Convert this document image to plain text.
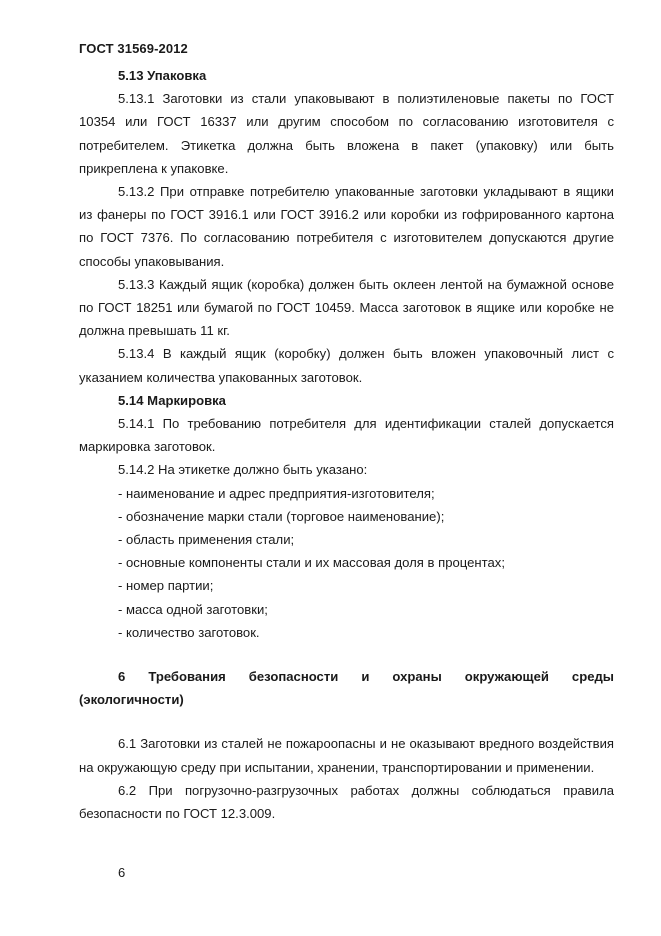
ГОСТ 31569-2012

5.13 Упаковка

5.13.1 Заготовки из стали упаковывают в полиэтиленовые пакеты по ГОСТ 10354 или ГОСТ 16337 или другим способом по согласованию изготовителя с потребителем. Этикетка должна быть вложена в пакет (упаковку) или быть прикреплена к упаковке.

5.13.2 При отправке потребителю упакованные заготовки укладывают в ящики из фанеры по ГОСТ 3916.1 или ГОСТ 3916.2 или коробки из гофрированного картона по ГОСТ 7376. По согласованию потребителя с изготовителем допускаются другие способы упаковывания.

5.13.3 Каждый ящик (коробка) должен быть оклеен лентой на бумажной основе по ГОСТ 18251 или бумагой по ГОСТ 10459. Масса заготовок в ящике или коробке не должна превышать 11 кг.

5.13.4 В каждый ящик (коробку) должен быть вложен упаковочный лист с указанием количества упакованных заготовок.

5.14 Маркировка

5.14.1 По требованию потребителя для идентификации сталей допускается маркировка заготовок.

5.14.2 На этикетке должно быть указано:

- наименование и адрес предприятия-изготовителя;

- обозначение марки стали (торговое наименование);

- область применения стали;

- основные компоненты стали и их массовая доля в процентах;

- номер партии;

- масса одной заготовки;

- количество заготовок.

6 Требования безопасности и охраны окружающей среды

(экологичности)

6.1 Заготовки из сталей не пожароопасны и не оказывают вредного воздействия на окружающую среду при испытании, хранении, транспортировании и применении.

6.2 При погрузочно-разгрузочных работах должны соблюдаться правила безопасности по ГОСТ 12.3.009.

6
